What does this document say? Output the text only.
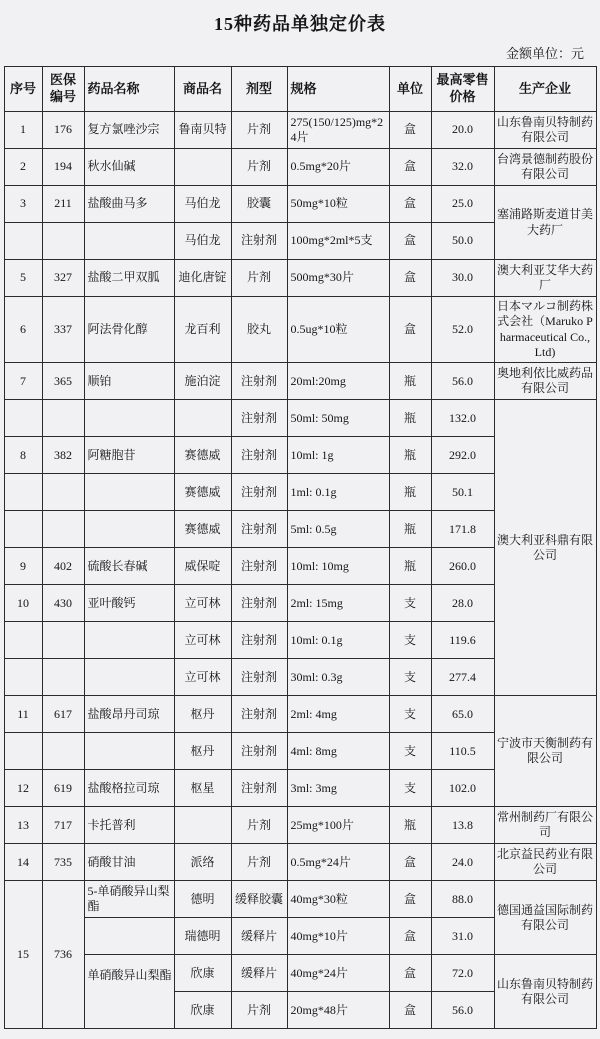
15种药品单独定价表
金额单位：元
序号	医保编号	药品名称	商品名	剂型	规格	单位	最高零售价格	生产企业
1	176	复方氯唑沙宗	鲁南贝特	片剂	275(150/125)mg*24片	盒	20.0	山东鲁南贝特制药有限公司
2	194	秋水仙碱		片剂	0.5mg*20片	盒	32.0	台湾景德制药股份有限公司
3	211	盐酸曲马多	马伯龙	胶囊	50mg*10粒	盒	25.0	塞浦路斯麦道甘美大药厂
			马伯龙	注射剂	100mg*2ml*5支	盒	50.0	
5	327	盐酸二甲双胍	迪化唐锭	片剂	500mg*30片	盒	30.0	澳大利亚艾华大药厂
6	337	阿法骨化醇	龙百利	胶丸	0.5ug*10粒	盒	52.0	日本マルコ制药株式会社（Maruko Pharmaceutical Co.,Ltd)
7	365	顺铂	施泊淀	注射剂	20ml:20mg	瓶	56.0	奥地利依比威药品有限公司
				注射剂	50ml: 50mg	瓶	132.0	澳大利亚科鼎有限公司
8	382	阿糖胞苷	赛德威	注射剂	10ml: 1g	瓶	292.0	
			赛德威	注射剂	1ml: 0.1g	瓶	50.1	
			赛德威	注射剂	5ml: 0.5g	瓶	171.8	
9	402	硫酸长春碱	威保啶	注射剂	10ml: 10mg	瓶	260.0	
10	430	亚叶酸钙	立可林	注射剂	2ml: 15mg	支	28.0	
			立可林	注射剂	10ml: 0.1g	支	119.6	
			立可林	注射剂	30ml: 0.3g	支	277.4	
11	617	盐酸昂丹司琼	枢丹	注射剂	2ml: 4mg	支	65.0	宁波市天衡制药有限公司
			枢丹	注射剂	4ml: 8mg	支	110.5	
12	619	盐酸格拉司琼	枢星	注射剂	3ml: 3mg	支	102.0	
13	717	卡托普利		片剂	25mg*100片	瓶	13.8	常州制药厂有限公司
14	735	硝酸甘油	派络	片剂	0.5mg*24片	盒	24.0	北京益民药业有限公司
15	736	5-单硝酸异山梨酯	德明	缓释胶囊	40mg*30粒	盒	88.0	德国通益国际制药有限公司
			瑞德明	缓释片	40mg*10片	盒	31.0	
		单硝酸异山梨酯	欣康	缓释片	40mg*24片	盒	72.0	山东鲁南贝特制药有限公司
			欣康	片剂	20mg*48片	盒	56.0	
